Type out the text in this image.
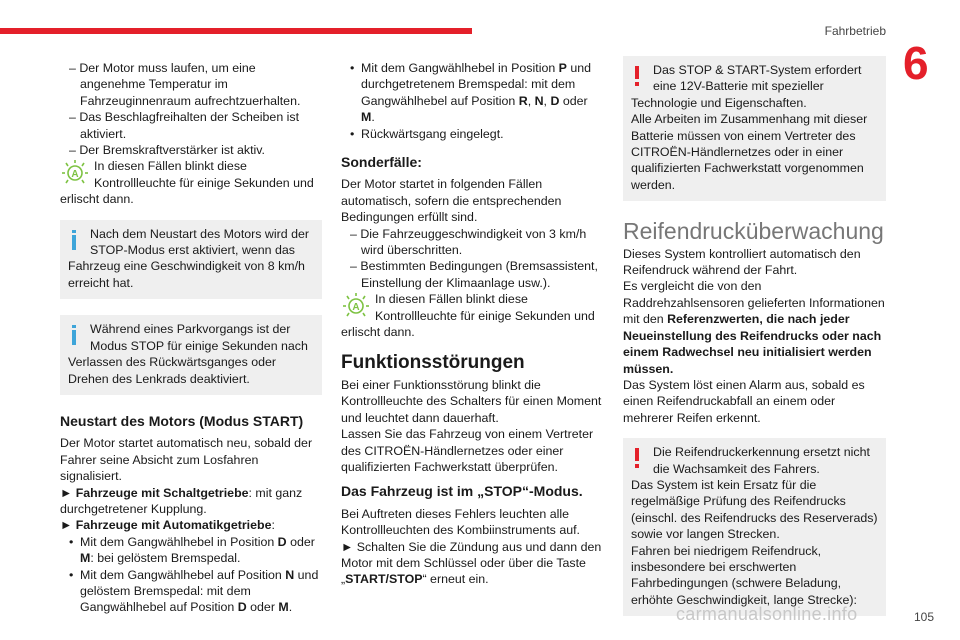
Fahrbetrieb
6

– Der Motor muss laufen, um eine angenehme Temperatur im Fahrzeuginnenraum aufrechtzuerhalten.

– Das Beschlagfreihalten der Scheiben ist aktiviert.

– Der Bremskraftverstärker ist aktiv.

A

In diesen Fällen blinkt diese Kontrollleuchte für einige Sekunden und

erlischt dann.

Nach dem Neustart des Motors wird der STOP-Modus erst aktiviert, wenn das

Fahrzeug eine Geschwindigkeit von 8 km/h erreicht hat.

Während eines Parkvorgangs ist der Modus STOP für einige Sekunden nach

Verlassen des Rückwärtsganges oder Drehen des Lenkrads deaktiviert.

Neustart des Motors (Modus START)

Der Motor startet automatisch neu, sobald der Fahrer seine Absicht zum Losfahren signalisiert.

► Fahrzeuge mit Schaltgetriebe: mit ganz durchgetretener Kupplung.

► Fahrzeuge mit Automatikgetriebe:

• Mit dem Gangwählhebel in Position D oder M: bei gelöstem Bremspedal.

• Mit dem Gangwählhebel auf Position N und gelöstem Bremspedal: mit dem Gangwählhebel auf Position D oder M.

• Mit dem Gangwählhebel in Position P und durchgetretenem Bremspedal: mit dem Gangwählhebel auf Position R, N, D oder M.

• Rückwärtsgang eingelegt.

Sonderfälle:

Der Motor startet in folgenden Fällen automatisch, sofern die entsprechenden Bedingungen erfüllt sind.

– Die Fahrzeuggeschwindigkeit von 3 km/h wird überschritten.

– Bestimmten Bedingungen (Bremsassistent, Einstellung der Klimaanlage usw.).

A

In diesen Fällen blinkt diese Kontrollleuchte für einige Sekunden und

erlischt dann.

Funktionsstörungen

Bei einer Funktionsstörung blinkt die Kontrollleuchte des Schalters für einen Moment und leuchtet dann dauerhaft.

Lassen Sie das Fahrzeug von einem Vertreter des CITROËN-Händlernetzes oder einer qualifizierten Fachwerkstatt überprüfen.

Das Fahrzeug ist im „STOP“-Modus.

Bei Auftreten dieses Fehlers leuchten alle Kontrollleuchten des Kombiinstruments auf.

► Schalten Sie die Zündung aus und dann den Motor mit dem Schlüssel oder über die Taste „START/STOP“ erneut ein.

Das STOP & START-System erfordert eine 12V-Batterie mit spezieller

Technologie und Eigenschaften.

Alle Arbeiten im Zusammenhang mit dieser Batterie müssen von einem Vertreter des CITROËN-Händlernetzes oder in einer qualifizierten Fachwerkstatt vorgenommen werden.

Reifendrucküberwachung

Dieses System kontrolliert automatisch den Reifendruck während der Fahrt.

Es vergleicht die von den Raddrehzahlsensoren gelieferten Informationen mit den Referenzwerten, die nach jeder Neueinstellung des Reifendrucks oder nach einem Radwechsel neu initialisiert werden müssen.

Das System löst einen Alarm aus, sobald es einen Reifendruckabfall an einem oder mehrerer Reifen erkennt.

Die Reifendruckerkennung ersetzt nicht die Wachsamkeit des Fahrers.

Das System ist kein Ersatz für die regelmäßige Prüfung des Reifendrucks (einschl. des Reifendrucks des Reserverads) sowie vor langen Strecken.

Fahren bei niedrigem Reifendruck, insbesondere bei erschwerten Fahrbedingungen (schwere Beladung, erhöhte Geschwindigkeit, lange Strecke):

carmanualsonline.info	105
